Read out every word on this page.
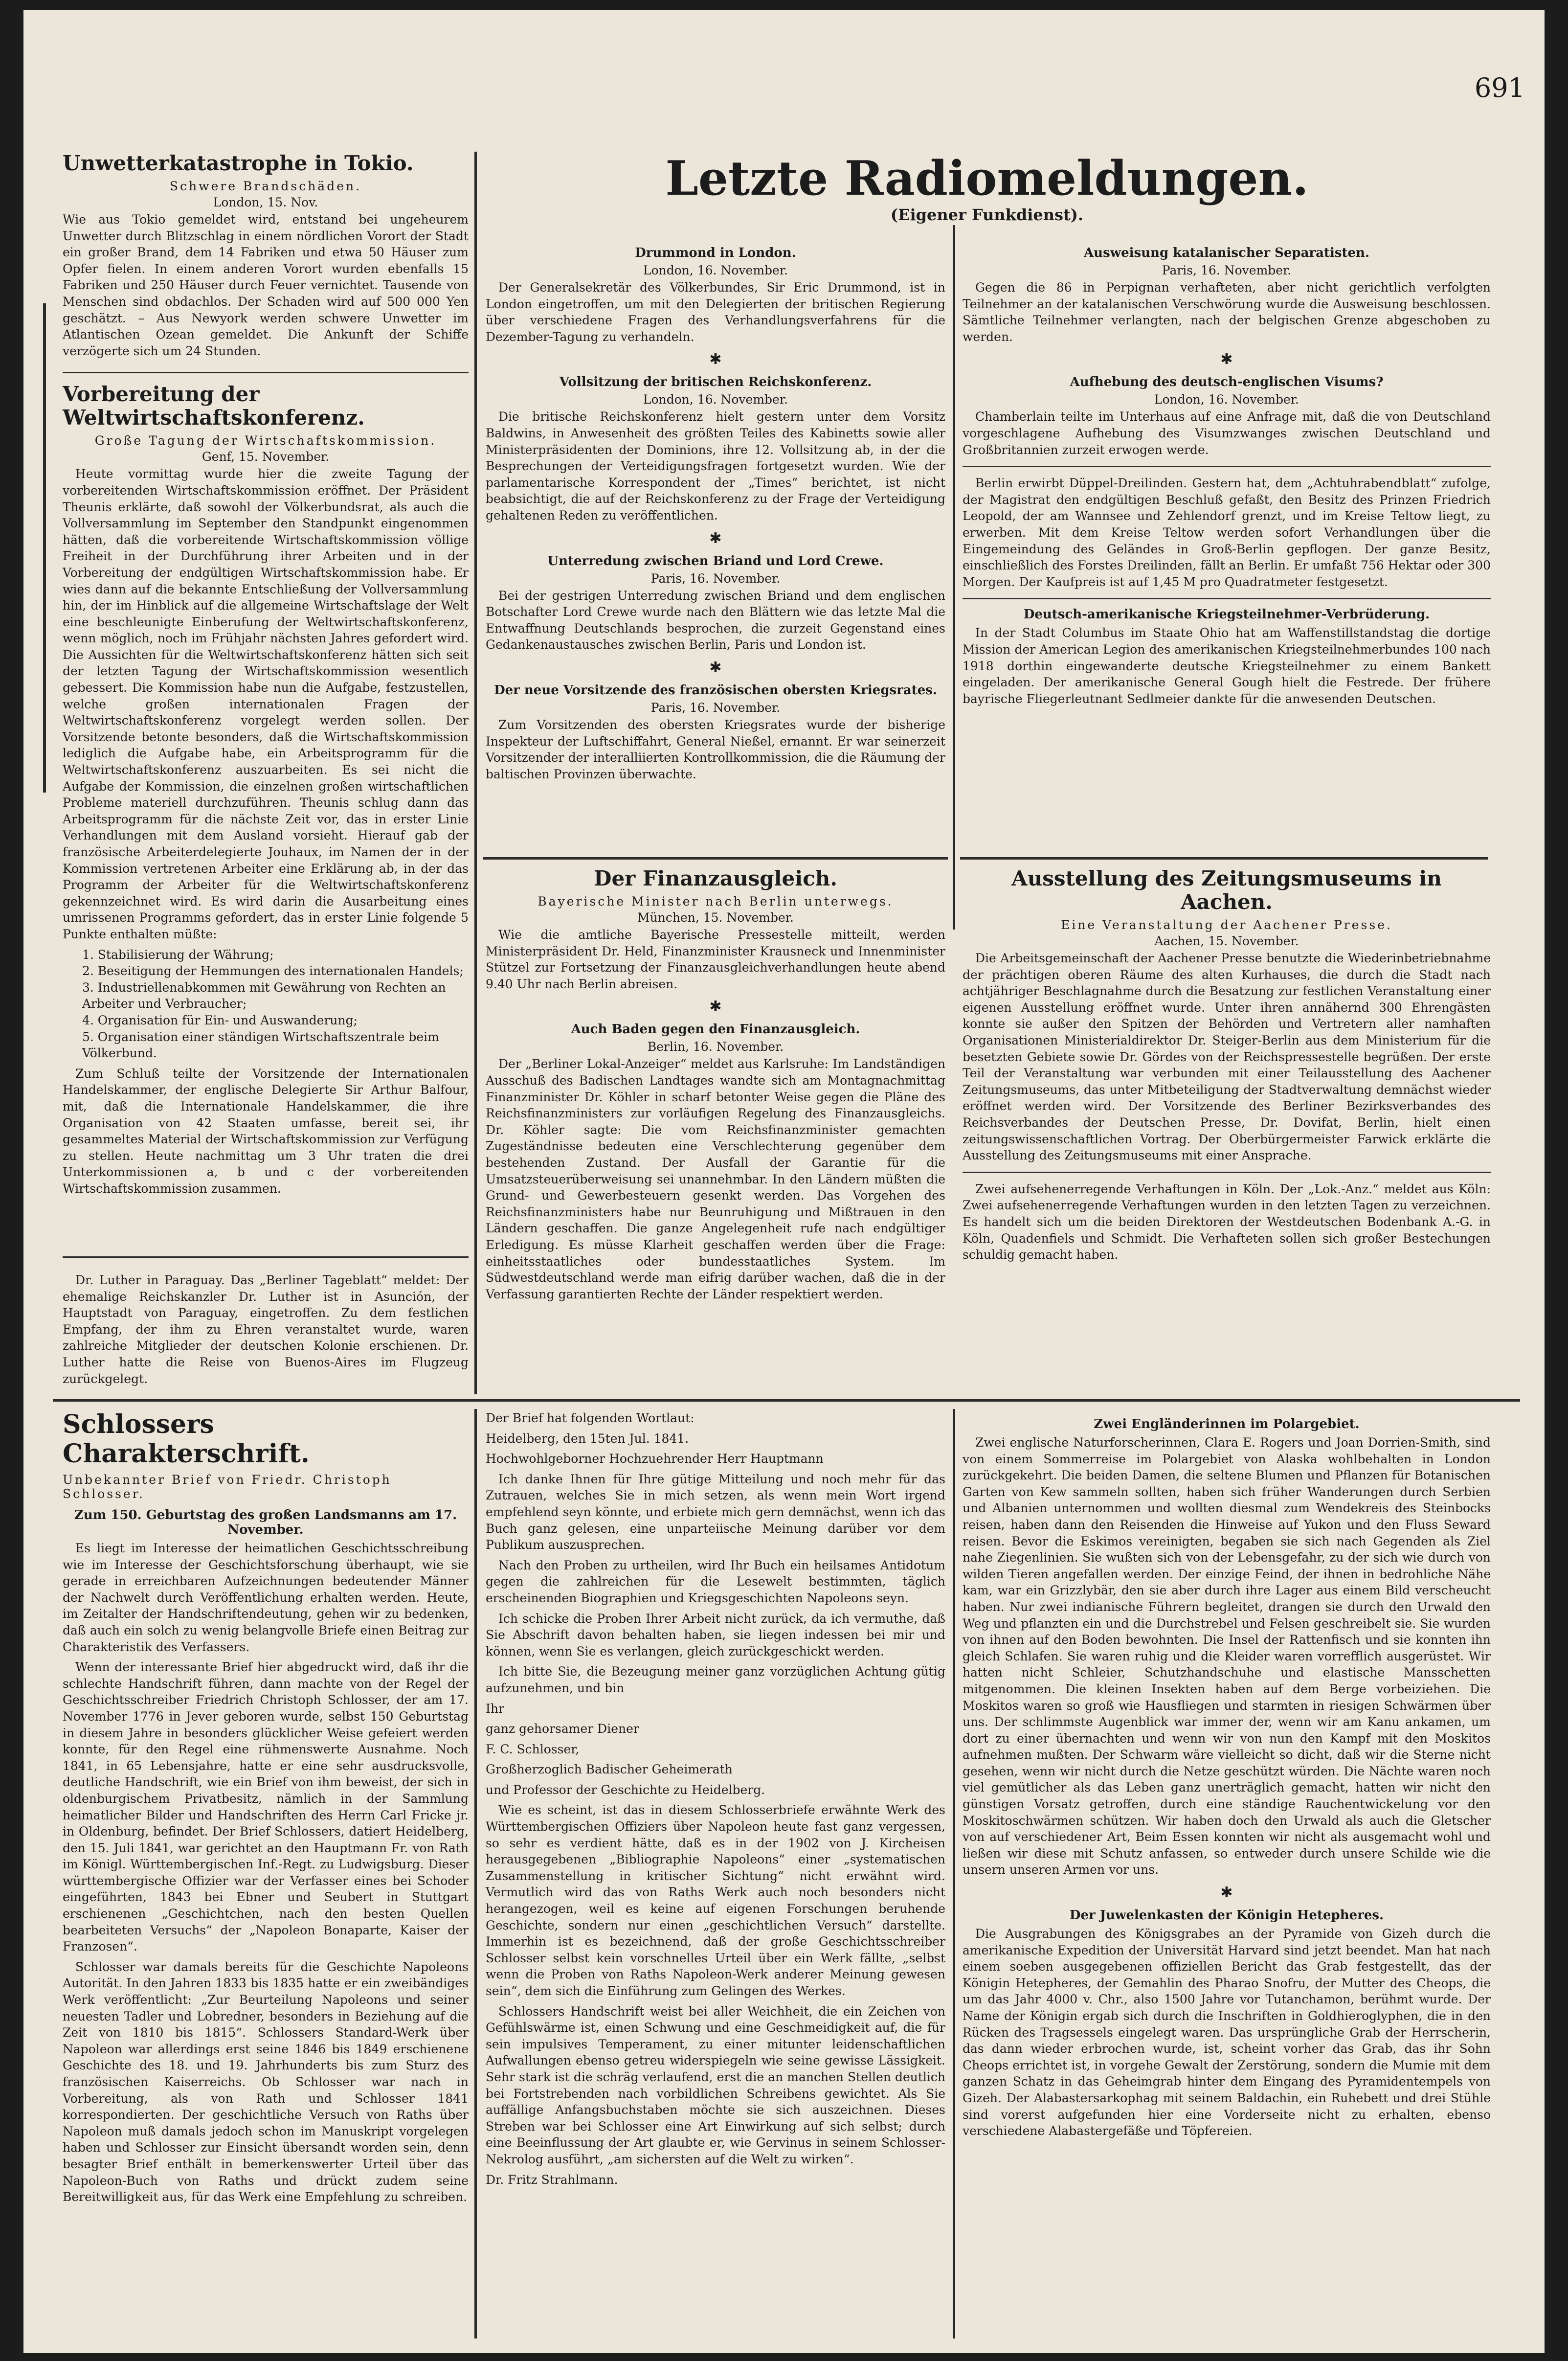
691
Unwetterkatastrophe in Tokio.
Schwere Brandschäden.
London, 15. Nov.

Wie aus Tokio gemeldet wird, entstand bei ungeheurem Unwetter durch Blitzschlag in einem nördlichen Vorort der Stadt ein großer Brand, dem 14 Fabriken und etwa 50 Häuser zum Opfer fielen. In einem anderen Vorort wurden ebenfalls 15 Fabriken und 250 Häuser durch Feuer vernichtet. Tausende von Menschen sind obdachlos. Der Schaden wird auf 500 000 Yen geschätzt. – Aus Newyork werden schwere Unwetter im Atlantischen Ozean gemeldet. Die Ankunft der Schiffe verzögerte sich um 24 Stunden.

Vorbereitung der Weltwirtschaftskonferenz.
Große Tagung der Wirtschaftskommission.
Genf, 15. November.

Heute vormittag wurde hier die zweite Tagung der vorbereitenden Wirtschaftskommission eröffnet. Der Präsident Theunis erklärte, daß sowohl der Völkerbundsrat, als auch die Vollversammlung im September den Standpunkt eingenommen hätten, daß die vorbereitende Wirtschaftskommission völlige Freiheit in der Durchführung ihrer Arbeiten und in der Vorbereitung der endgültigen Wirtschaftskommission habe. Er wies dann auf die bekannte Entschließung der Vollversammlung hin, der im Hinblick auf die allgemeine Wirtschaftslage der Welt eine beschleunigte Einberufung der Weltwirtschaftskonferenz, wenn möglich, noch im Frühjahr nächsten Jahres gefordert wird. Die Aussichten für die Weltwirtschaftskonferenz hätten sich seit der letzten Tagung der Wirtschaftskommission wesentlich gebessert. Die Kommission habe nun die Aufgabe, festzustellen, welche großen internationalen Fragen der Weltwirtschaftskonferenz vorgelegt werden sollen. Der Vorsitzende betonte besonders, daß die Wirtschaftskommission lediglich die Aufgabe habe, ein Arbeitsprogramm für die Weltwirtschaftskonferenz auszuarbeiten. Es sei nicht die Aufgabe der Kommission, die einzelnen großen wirtschaftlichen Probleme materiell durchzuführen. Theunis schlug dann das Arbeitsprogramm für die nächste Zeit vor, das in erster Linie Verhandlungen mit dem Ausland vorsieht. Hierauf gab der französische Arbeiterdelegierte Jouhaux, im Namen der in der Kommission vertretenen Arbeiter eine Erklärung ab, in der das Programm der Arbeiter für die Weltwirtschaftskonferenz gekennzeichnet wird. Es wird darin die Ausarbeitung eines umrissenen Programms gefordert, das in erster Linie folgende 5 Punkte enthalten müßte:

1. Stabilisierung der Währung;
2. Beseitigung der Hemmungen des internationalen Handels;
3. Industriellenabkommen mit Gewährung von Rechten an Arbeiter und Verbraucher;
4. Organisation für Ein- und Auswanderung;
5. Organisation einer ständigen Wirtschaftszentrale beim Völkerbund.

Zum Schluß teilte der Vorsitzende der Internationalen Handelskammer, der englische Delegierte Sir Arthur Balfour, mit, daß die Internationale Handelskammer, die ihre Organisation von 42 Staaten umfasse, bereit sei, ihr gesammeltes Material der Wirtschaftskommission zur Verfügung zu stellen. Heute nachmittag um 3 Uhr traten die drei Unterkommissionen a, b und c der vorbereitenden Wirtschaftskommission zusammen.

Dr. Luther in Paraguay. Das „Berliner Tageblatt“ meldet: Der ehemalige Reichskanzler Dr. Luther ist in Asunción, der Hauptstadt von Paraguay, eingetroffen. Zu dem festlichen Empfang, der ihm zu Ehren veranstaltet wurde, waren zahlreiche Mitglieder der deutschen Kolonie erschienen. Dr. Luther hatte die Reise von Buenos-Aires im Flugzeug zurückgelegt.

Letzte Radiomeldungen.
(Eigener Funkdienst).
Drummond in London.
London, 16. November.

Der Generalsekretär des Völkerbundes, Sir Eric Drummond, ist in London eingetroffen, um mit den Delegierten der britischen Regierung über verschiedene Fragen des Verhandlungsverfahrens für die Dezember-Tagung zu verhandeln.

✱
Vollsitzung der britischen Reichskonferenz.
London, 16. November.

Die britische Reichskonferenz hielt gestern unter dem Vorsitz Baldwins, in Anwesenheit des größten Teiles des Kabinetts sowie aller Ministerpräsidenten der Dominions, ihre 12. Vollsitzung ab, in der die Besprechungen der Verteidigungsfragen fortgesetzt wurden. Wie der parlamentarische Korrespondent der „Times“ berichtet, ist nicht beabsichtigt, die auf der Reichskonferenz zu der Frage der Verteidigung gehaltenen Reden zu veröffentlichen.

✱
Unterredung zwischen Briand und Lord Crewe.
Paris, 16. November.

Bei der gestrigen Unterredung zwischen Briand und dem englischen Botschafter Lord Crewe wurde nach den Blättern wie das letzte Mal die Entwaffnung Deutschlands besprochen, die zurzeit Gegenstand eines Gedankenaustausches zwischen Berlin, Paris und London ist.

✱
Der neue Vorsitzende des französischen obersten Kriegsrates.
Paris, 16. November.

Zum Vorsitzenden des obersten Kriegsrates wurde der bisherige Inspekteur der Luftschiffahrt, General Nießel, ernannt. Er war seinerzeit Vorsitzender der interalliierten Kontrollkommission, die die Räumung der baltischen Provinzen überwachte.

Ausweisung katalanischer Separatisten.
Paris, 16. November.

Gegen die 86 in Perpignan verhafteten, aber nicht gerichtlich verfolgten Teilnehmer an der katalanischen Verschwörung wurde die Ausweisung beschlossen. Sämtliche Teilnehmer verlangten, nach der belgischen Grenze abgeschoben zu werden.

✱
Aufhebung des deutsch-englischen Visums?
London, 16. November.

Chamberlain teilte im Unterhaus auf eine Anfrage mit, daß die von Deutschland vorgeschlagene Aufhebung des Visumzwanges zwischen Deutschland und Großbritannien zurzeit erwogen werde.

Berlin erwirbt Düppel-Dreilinden. Gestern hat, dem „Achtuhrabendblatt“ zufolge, der Magistrat den endgültigen Beschluß gefaßt, den Besitz des Prinzen Friedrich Leopold, der am Wannsee und Zehlendorf grenzt, und im Kreise Teltow liegt, zu erwerben. Mit dem Kreise Teltow werden sofort Verhandlungen über die Eingemeindung des Geländes in Groß-Berlin gepflogen. Der ganze Besitz, einschließlich des Forstes Dreilinden, fällt an Berlin. Er umfaßt 756 Hektar oder 300 Morgen. Der Kaufpreis ist auf 1,45 M pro Quadratmeter festgesetzt.

Deutsch-amerikanische Kriegsteilnehmer-Verbrüderung.

In der Stadt Columbus im Staate Ohio hat am Waffenstillstandstag die dortige Mission der American Legion des amerikanischen Kriegsteilnehmerbundes 100 nach 1918 dorthin eingewanderte deutsche Kriegsteilnehmer zu einem Bankett eingeladen. Der amerikanische General Gough hielt die Festrede. Der frühere bayrische Fliegerleutnant Sedlmeier dankte für die anwesenden Deutschen.

Der Finanzausgleich.
Bayerische Minister nach Berlin unterwegs.
München, 15. November.

Wie die amtliche Bayerische Pressestelle mitteilt, werden Ministerpräsident Dr. Held, Finanzminister Krausneck und Innenminister Stützel zur Fortsetzung der Finanzausgleichverhandlungen heute abend 9.40 Uhr nach Berlin abreisen.

✱
Auch Baden gegen den Finanzausgleich.
Berlin, 16. November.

Der „Berliner Lokal-Anzeiger“ meldet aus Karlsruhe: Im Landständigen Ausschuß des Badischen Landtages wandte sich am Montagnachmittag Finanzminister Dr. Köhler in scharf betonter Weise gegen die Pläne des Reichsfinanzministers zur vorläufigen Regelung des Finanzausgleichs. Dr. Köhler sagte: Die vom Reichsfinanzminister gemachten Zugeständnisse bedeuten eine Verschlechterung gegenüber dem bestehenden Zustand. Der Ausfall der Garantie für die Umsatzsteuerüberweisung sei unannehmbar. In den Ländern müßten die Grund- und Gewerbesteuern gesenkt werden. Das Vorgehen des Reichsfinanzministers habe nur Beunruhigung und Mißtrauen in den Ländern geschaffen. Die ganze Angelegenheit rufe nach endgültiger Erledigung. Es müsse Klarheit geschaffen werden über die Frage: einheitsstaatliches oder bundesstaatliches System. Im Südwestdeutschland werde man eifrig darüber wachen, daß die in der Verfassung garantierten Rechte der Länder respektiert werden.

Ausstellung des Zeitungsmuseums in Aachen.
Eine Veranstaltung der Aachener Presse.
Aachen, 15. November.

Die Arbeitsgemeinschaft der Aachener Presse benutzte die Wiederinbetriebnahme der prächtigen oberen Räume des alten Kurhauses, die durch die Stadt nach achtjähriger Beschlagnahme durch die Besatzung zur festlichen Veranstaltung einer eigenen Ausstellung eröffnet wurde. Unter ihren annähernd 300 Ehrengästen konnte sie außer den Spitzen der Behörden und Vertretern aller namhaften Organisationen Ministerialdirektor Dr. Steiger-Berlin aus dem Ministerium für die besetzten Gebiete sowie Dr. Gördes von der Reichspressestelle begrüßen. Der erste Teil der Veranstaltung war verbunden mit einer Teilausstellung des Aachener Zeitungsmuseums, das unter Mitbeteiligung der Stadtverwaltung demnächst wieder eröffnet werden wird. Der Vorsitzende des Berliner Bezirksverbandes des Reichsverbandes der Deutschen Presse, Dr. Dovifat, Berlin, hielt einen zeitungswissenschaftlichen Vortrag. Der Oberbürgermeister Farwick erklärte die Ausstellung des Zeitungsmuseums mit einer Ansprache.

Zwei aufsehenerregende Verhaftungen in Köln. Der „Lok.-Anz.“ meldet aus Köln: Zwei aufsehenerregende Verhaftungen wurden in den letzten Tagen zu verzeichnen. Es handelt sich um die beiden Direktoren der Westdeutschen Bodenbank A.-G. in Köln, Quadenfiels und Schmidt. Die Verhafteten sollen sich großer Bestechungen schuldig gemacht haben.

Schlossers Charakterschrift.
Unbekannter Brief von Friedr. Christoph Schlosser.
Zum 150. Geburtstag des großen Landsmanns am 17. November.

Es liegt im Interesse der heimatlichen Geschichtsschreibung wie im Interesse der Geschichtsforschung überhaupt, wie sie gerade in erreichbaren Aufzeichnungen bedeutender Männer der Nachwelt durch Veröffentlichung erhalten werden. Heute, im Zeitalter der Handschriftendeutung, gehen wir zu bedenken, daß auch ein solch zu wenig belangvolle Briefe einen Beitrag zur Charakteristik des Verfassers.

Wenn der interessante Brief hier abgedruckt wird, daß ihr die schlechte Handschrift führen, dann machte von der Regel der Geschichtsschreiber Friedrich Christoph Schlosser, der am 17. November 1776 in Jever geboren wurde, selbst 150 Geburtstag in diesem Jahre in besonders glücklicher Weise gefeiert werden konnte, für den Regel eine rühmenswerte Ausnahme. Noch 1841, in 65 Lebensjahre, hatte er eine sehr ausdrucksvolle, deutliche Handschrift, wie ein Brief von ihm beweist, der sich in oldenburgischem Privatbesitz, nämlich in der Sammlung heimatlicher Bilder und Handschriften des Herrn Carl Fricke jr. in Oldenburg, befindet. Der Brief Schlossers, datiert Heidelberg, den 15. Juli 1841, war gerichtet an den Hauptmann Fr. von Rath im Königl. Württembergischen Inf.-Regt. zu Ludwigsburg. Dieser württembergische Offizier war der Verfasser eines bei Schoder eingeführten, 1843 bei Ebner und Seubert in Stuttgart erschienenen „Geschichtchen, nach den besten Quellen bearbeiteten Versuchs“ der „Napoleon Bonaparte, Kaiser der Franzosen“.

Schlosser war damals bereits für die Geschichte Napoleons Autorität. In den Jahren 1833 bis 1835 hatte er ein zweibändiges Werk veröffentlicht: „Zur Beurteilung Napoleons und seiner neuesten Tadler und Lobredner, besonders in Beziehung auf die Zeit von 1810 bis 1815“. Schlossers Standard-Werk über Napoleon war allerdings erst seine 1846 bis 1849 erschienene Geschichte des 18. und 19. Jahrhunderts bis zum Sturz des französischen Kaiserreichs. Ob Schlosser war nach in Vorbereitung, als von Rath und Schlosser 1841 korrespondierten. Der geschichtliche Versuch von Raths über Napoleon muß damals jedoch schon im Manuskript vorgelegen haben und Schlosser zur Einsicht übersandt worden sein, denn besagter Brief enthält in bemerkenswerter Urteil über das Napoleon-Buch von Raths und drückt zudem seine Bereitwilligkeit aus, für das Werk eine Empfehlung zu schreiben.

Der Brief hat folgenden Wortlaut:

Heidelberg, den 15ten Jul. 1841.

Hochwohlgeborner Hochzuehrender Herr Hauptmann

Ich danke Ihnen für Ihre gütige Mitteilung und noch mehr für das Zutrauen, welches Sie in mich setzen, als wenn mein Wort irgend empfehlend seyn könnte, und erbiete mich gern demnächst, wenn ich das Buch ganz gelesen, eine unparteiische Meinung darüber vor dem Publikum auszusprechen.

Nach den Proben zu urtheilen, wird Ihr Buch ein heilsames Antidotum gegen die zahlreichen für die Lesewelt bestimmten, täglich erscheinenden Biographien und Kriegsgeschichten Napoleons seyn.

Ich schicke die Proben Ihrer Arbeit nicht zurück, da ich vermuthe, daß Sie Abschrift davon behalten haben, sie liegen indessen bei mir und können, wenn Sie es verlangen, gleich zurückgeschickt werden.

Ich bitte Sie, die Bezeugung meiner ganz vorzüglichen Achtung gütig aufzunehmen, und bin

Ihr

ganz gehorsamer Diener

F. C. Schlosser,

Großherzoglich Badischer Geheimerath

und Professor der Geschichte zu Heidelberg.

Wie es scheint, ist das in diesem Schlosserbriefe erwähnte Werk des Württembergischen Offiziers über Napoleon heute fast ganz vergessen, so sehr es verdient hätte, daß es in der 1902 von J. Kircheisen herausgegebenen „Bibliographie Napoleons“ einer „systematischen Zusammenstellung in kritischer Sichtung“ nicht erwähnt wird. Vermutlich wird das von Raths Werk auch noch besonders nicht herangezogen, weil es keine auf eigenen Forschungen beruhende Geschichte, sondern nur einen „geschichtlichen Versuch“ darstellte. Immerhin ist es bezeichnend, daß der große Geschichtsschreiber Schlosser selbst kein vorschnelles Urteil über ein Werk fällte, „selbst wenn die Proben von Raths Napoleon-Werk anderer Meinung gewesen sein“, dem sich die Einführung zum Gelingen des Werkes.

Schlossers Handschrift weist bei aller Weichheit, die ein Zeichen von Gefühlswärme ist, einen Schwung und eine Geschmeidigkeit auf, die für sein impulsives Temperament, zu einer mitunter leidenschaftlichen Aufwallungen ebenso getreu widerspiegeln wie seine gewisse Lässigkeit. Sehr stark ist die schräg verlaufend, erst die an manchen Stellen deutlich bei Fortstrebenden nach vorbildlichen Schreibens gewichtet. Als Sie auffällige Anfangsbuchstaben möchte sie sich auszeichnen. Dieses Streben war bei Schlosser eine Art Einwirkung auf sich selbst; durch eine Beeinflussung der Art glaubte er, wie Gervinus in seinem Schlosser-Nekrolog ausführt, „am sichersten auf die Welt zu wirken“.

Dr. Fritz Strahlmann.

Zwei Engländerinnen im Polargebiet.

Zwei englische Naturforscherinnen, Clara E. Rogers und Joan Dorrien-Smith, sind von einem Sommerreise im Polargebiet von Alaska wohlbehalten in London zurückgekehrt. Die beiden Damen, die seltene Blumen und Pflanzen für Botanischen Garten von Kew sammeln sollten, haben sich früher Wanderungen durch Serbien und Albanien unternommen und wollten diesmal zum Wendekreis des Steinbocks reisen, haben dann den Reisenden die Hinweise auf Yukon und den Fluss Seward reisen. Bevor die Eskimos vereinigten, begaben sie sich nach Gegenden als Ziel nahe Ziegenlinien. Sie wußten sich von der Lebensgefahr, zu der sich wie durch von wilden Tieren angefallen werden. Der einzige Feind, der ihnen in bedrohliche Nähe kam, war ein Grizzlybär, den sie aber durch ihre Lager aus einem Bild verscheucht haben. Nur zwei indianische Führern begleitet, drangen sie durch den Urwald den Weg und pflanzten ein und die Durchstrebel und Felsen geschreibelt sie. Sie wurden von ihnen auf den Boden bewohnten. Die Insel der Rattenfisch und sie konnten ihn gleich Schlafen. Sie waren ruhig und die Kleider waren vorrefflich ausgerüstet. Wir hatten nicht Schleier, Schutzhandschuhe und elastische Mansschetten mitgenommen. Die kleinen Insekten haben auf dem Berge vorbeiziehen. Die Moskitos waren so groß wie Hausfliegen und starmten in riesigen Schwärmen über uns. Der schlimmste Augenblick war immer der, wenn wir am Kanu ankamen, um dort zu einer übernachten und wenn wir von nun den Kampf mit den Moskitos aufnehmen mußten. Der Schwarm wäre vielleicht so dicht, daß wir die Sterne nicht gesehen, wenn wir nicht durch die Netze geschützt würden. Die Nächte waren noch viel gemütlicher als das Leben ganz unerträglich gemacht, hatten wir nicht den günstigen Vorsatz getroffen, durch eine ständige Rauchentwickelung vor den Moskitoschwärmen schützen. Wir haben doch den Urwald als auch die Gletscher von auf verschiedener Art, Beim Essen konnten wir nicht als ausgemacht wohl und ließen wir diese mit Schutz anfassen, so entweder durch unsere Schilde wie die unsern unseren Armen vor uns.

✱
Der Juwelenkasten der Königin Hetepheres.

Die Ausgrabungen des Königsgrabes an der Pyramide von Gizeh durch die amerikanische Expedition der Universität Harvard sind jetzt beendet. Man hat nach einem soeben ausgegebenen offiziellen Bericht das Grab festgestellt, das der Königin Hetepheres, der Gemahlin des Pharao Snofru, der Mutter des Cheops, die um das Jahr 4000 v. Chr., also 1500 Jahre vor Tutanchamon, berühmt wurde. Der Name der Königin ergab sich durch die Inschriften in Goldhieroglyphen, die in den Rücken des Tragsessels eingelegt waren. Das ursprüngliche Grab der Herrscherin, das dann wieder erbrochen wurde, ist, scheint vorher das Grab, das ihr Sohn Cheops errichtet ist, in vorgehe Gewalt der Zerstörung, sondern die Mumie mit dem ganzen Schatz in das Geheimgrab hinter dem Eingang des Pyramidentempels von Gizeh. Der Alabastersarkophag mit seinem Baldachin, ein Ruhebett und drei Stühle sind vorerst aufgefunden hier eine Vorderseite nicht zu erhalten, ebenso verschiedene Alabastergefäße und Töpfereien.
